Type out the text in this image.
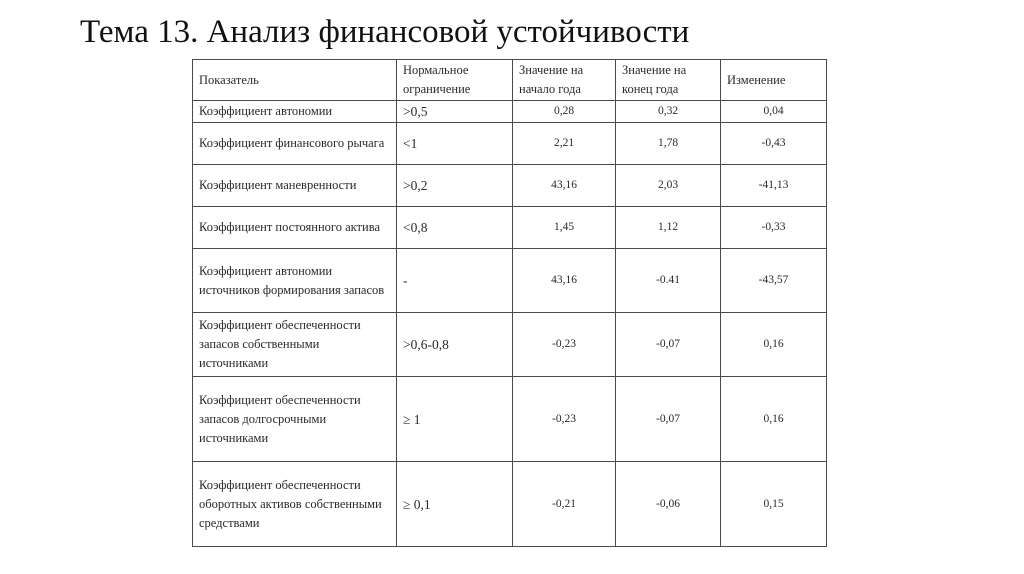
Тема 13. Анализ финансовой устойчивости
Показатель	Нормальное ограничение	Значение на начало года	Значение на конец года	Изменение
Коэффициент автономии	>0,5	0,28	0,32	0,04
Коэффициент финансового рычага	<1	2,21	1,78	-0,43
Коэффициент маневренности	>0,2	43,16	2,03	-41,13
Коэффициент постоянного актива	<0,8	1,45	1,12	-0,33
Коэффициент автономии источников формирования запасов	-	43,16	-0.41	-43,57
Коэффициент обеспеченности запасов собственными источниками	>0,6-0,8	-0,23	-0,07	0,16
Коэффициент обеспеченности запасов долгосрочными источниками	≥ 1	-0,23	-0,07	0,16
Коэффициент обеспеченности оборотных активов собственными средствами	≥ 0,1	-0,21	-0,06	0,15
